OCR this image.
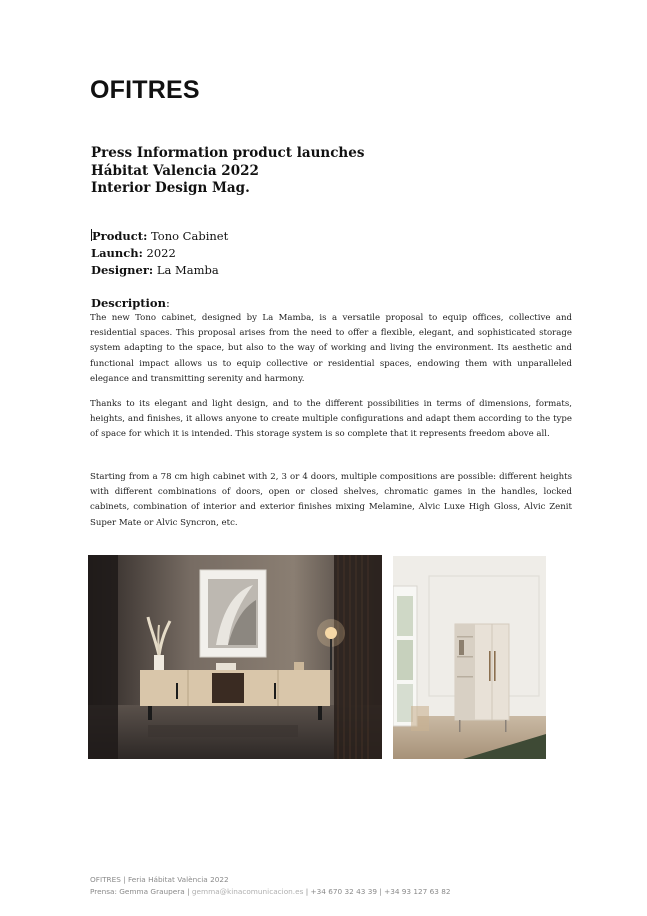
OFITRES
Press Information product launches
Hábitat Valencia 2022
Interior Design Mag.
Product: Tono Cabinet
Launch: 2022
Designer: La Mamba
Description:
The new Tono cabinet, designed by La Mamba, is a versatile proposal to equip offices, collective and residential spaces. This proposal arises from the need to offer a flexible, elegant, and sophisticated storage system adapting to the space, but also to the way of working and living the environment. Its aesthetic and functional impact allows us to equip collective or residential spaces, endowing them with unparalleled elegance and transmitting serenity and harmony.
Thanks to its elegant and light design, and to the different possibilities in terms of dimensions, formats, heights, and finishes, it allows anyone to create multiple configurations and adapt them according to the type of space for which it is intended. This storage system is so complete that it represents freedom above all.
Starting from a 78 cm high cabinet with 2, 3 or 4 doors, multiple compositions are possible: different heights with different combinations of doors, open or closed shelves, chromatic games in the handles, locked cabinets, combination of interior and exterior finishes mixing Melamine, Alvic Luxe High Gloss, Alvic Zenit Super Mate or Alvic Syncron, etc.
OFITRES | Feria Hábitat València 2022
Prensa: Gemma Graupera | gemma@kinacomunicacion.es | +34 670 32 43 39 | +34 93 127 63 82
